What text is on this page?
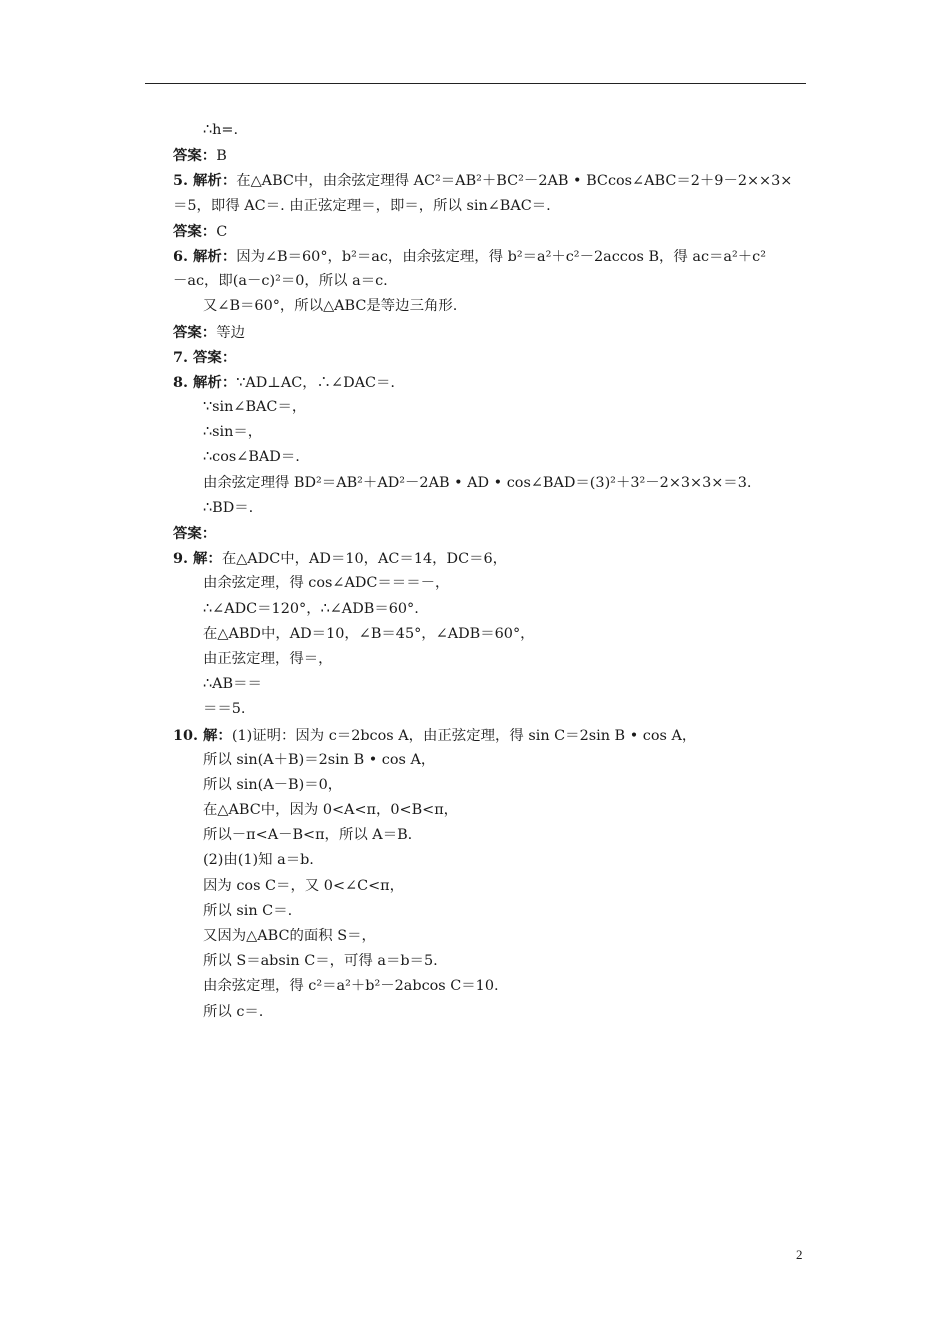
∴h=.
答案：B
5. 解析：在△ABC中，由余弦定理得 AC²＝AB²＋BC²－2AB • BCcos∠ABC＝2＋9－2××3×
＝5，即得 AC＝. 由正弦定理＝，即＝，所以 sin∠BAC＝.
答案：C
6. 解析：因为∠B＝60°，b²＝ac，由余弦定理，得 b²＝a²＋c²－2accos B，得 ac＝a²＋c²
－ac，即(a－c)²＝0，所以 a＝c.
又∠B＝60°，所以△ABC是等边三角形.
答案：等边
7. 答案：
8. 解析：∵AD⊥AC，∴∠DAC＝.
∵sin∠BAC＝，
∴sin＝，
∴cos∠BAD＝.
由余弦定理得 BD²＝AB²＋AD²－2AB • AD • cos∠BAD＝(3)²＋3²－2×3×3×＝3.
∴BD＝.
答案：
9. 解：在△ADC中，AD＝10，AC＝14，DC＝6，
由余弦定理，得 cos∠ADC＝＝＝－，
∴∠ADC＝120°，∴∠ADB＝60°.
在△ABD中，AD＝10，∠B＝45°，∠ADB＝60°，
由正弦定理，得＝，
∴AB＝＝
＝＝5.
10. 解：(1)证明：因为 c＝2bcos A，由正弦定理，得 sin C＝2sin B • cos A，
所以 sin(A＋B)＝2sin B • cos A，
所以 sin(A－B)＝0，
在△ABC中，因为 0<A<π，0<B<π，
所以－π<A－B<π，所以 A＝B.
(2)由(1)知 a＝b.
因为 cos C＝，又 0<∠C<π，
所以 sin C＝.
又因为△ABC的面积 S＝，
所以 S＝absin C＝，可得 a＝b＝5.
由余弦定理，得 c²＝a²＋b²－2abcos C＝10.
所以 c＝.
2
